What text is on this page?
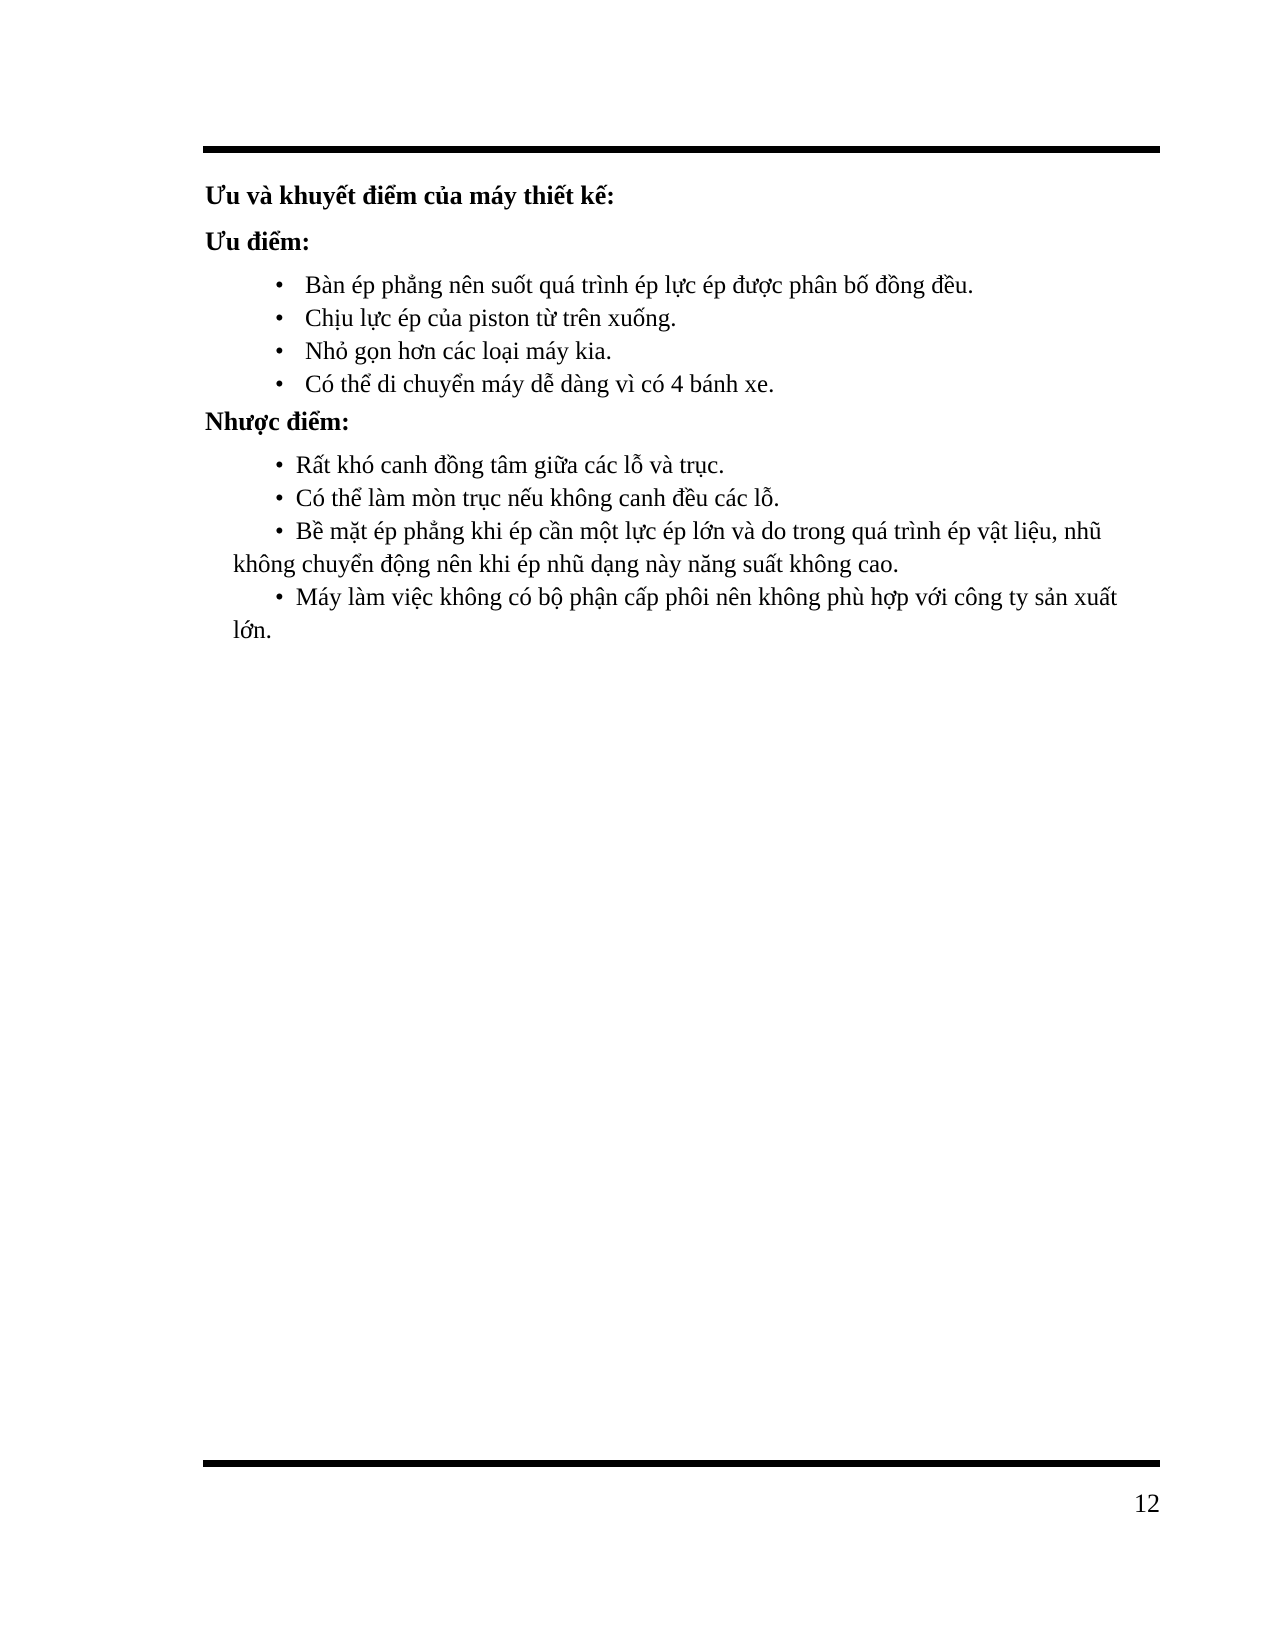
Ưu và khuyết điểm của máy thiết kế:
Ưu điểm:
• Bàn ép phẳng nên suốt quá trình ép lực ép được phân bố đồng đều.
• Chịu lực ép của piston từ trên xuống.
• Nhỏ gọn hơn các loại máy kia.
• Có thể di chuyển máy dễ dàng vì có 4 bánh xe.
Nhược điểm:
• Rất khó canh đồng tâm giữa các lỗ và trục.
• Có thể làm mòn trục nếu không canh đều các lỗ.
• Bề mặt ép phẳng khi ép cần một lực ép lớn và do trong quá trình ép vật liệu, nhũ không chuyển động nên khi ép nhũ dạng này năng suất không cao.
• Máy làm việc không có bộ phận cấp phôi nên không phù hợp với công ty sản xuất lớn.
12
